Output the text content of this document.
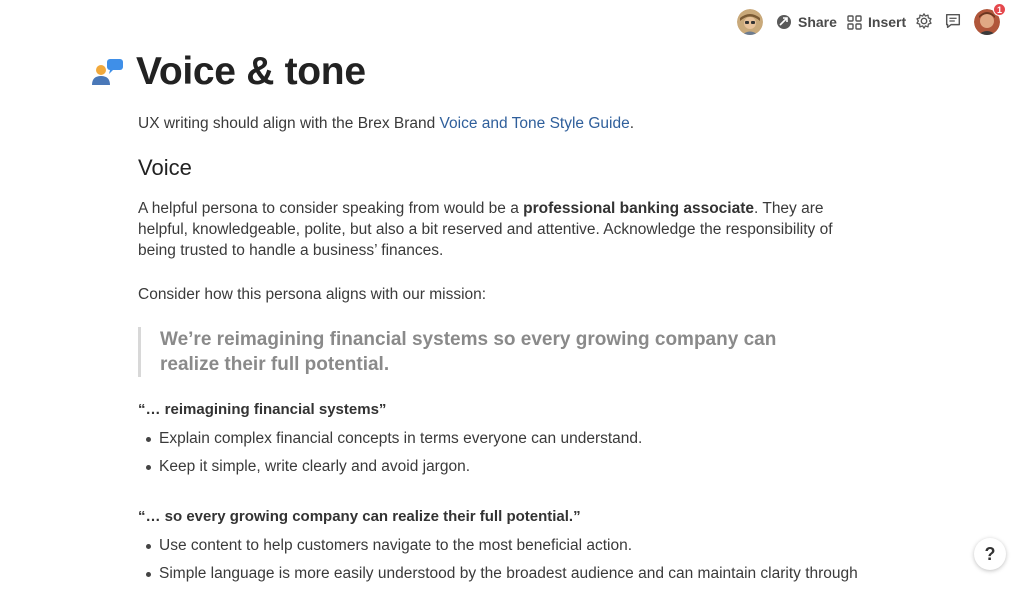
Share Insert
1
Voice & tone

UX writing should align with the Brex Brand Voice and Tone Style Guide.

Voice

A helpful persona to consider speaking from would be a professional banking associate. They are helpful, knowledgeable, polite, but also a bit reserved and attentive. Acknowledge the responsibility of being trusted to handle a business’ finances.

Consider how this persona aligns with our mission:

We’re reimagining financial systems so every growing company can realize their full potential.

“… reimagining financial systems”

Explain complex financial concepts in terms everyone can understand.
Keep it simple, write clearly and avoid jargon.

“… so every growing company can realize their full potential.”

Use content to help customers navigate to the most beneficial action.
Simple language is more easily understood by the broadest audience and can maintain clarity through
?
